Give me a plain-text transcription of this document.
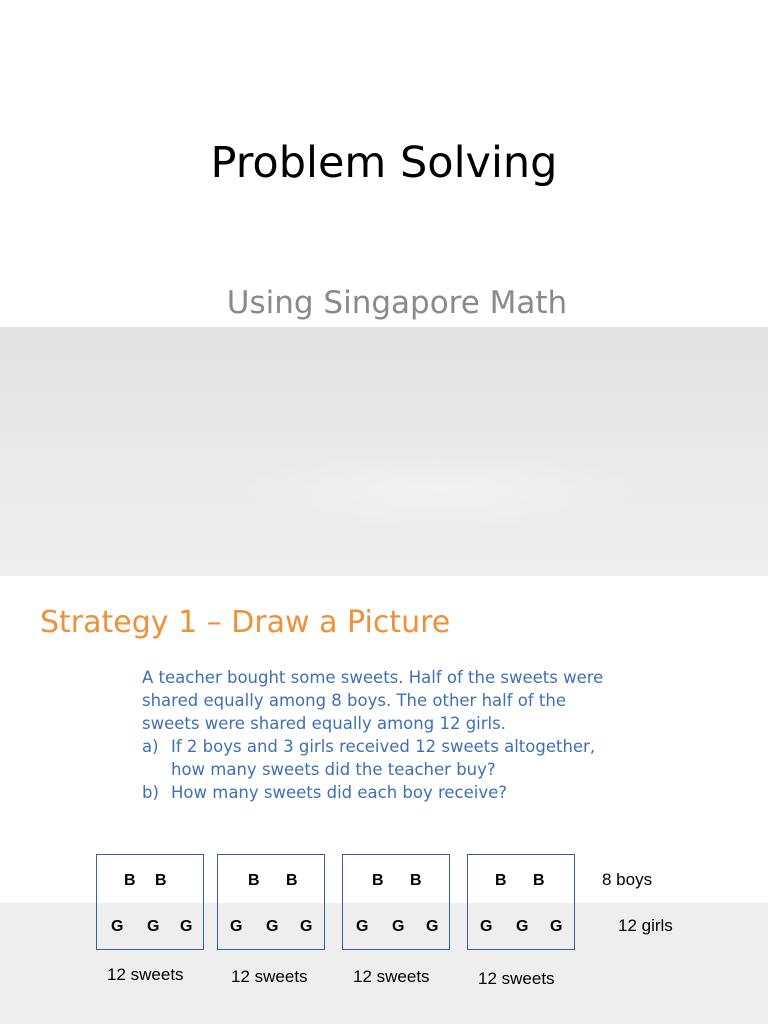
Problem Solving
Using Singapore Math
Strategy 1 – Draw a Picture

A teacher bought some sweets. Half of the sweets were

shared equally among 8 boys. The other half of the

sweets were shared equally among 12 girls.

a) If 2 boys and 3 girls received 12 sweets altogether,
how many sweets did the teacher buy?
b) How many sweets did each boy receive?
B B
G G G
B B
G G G
B B
G G G
B B
G G G
8 boys
12 girls
12 sweets	12 sweets	12 sweets	12 sweets
